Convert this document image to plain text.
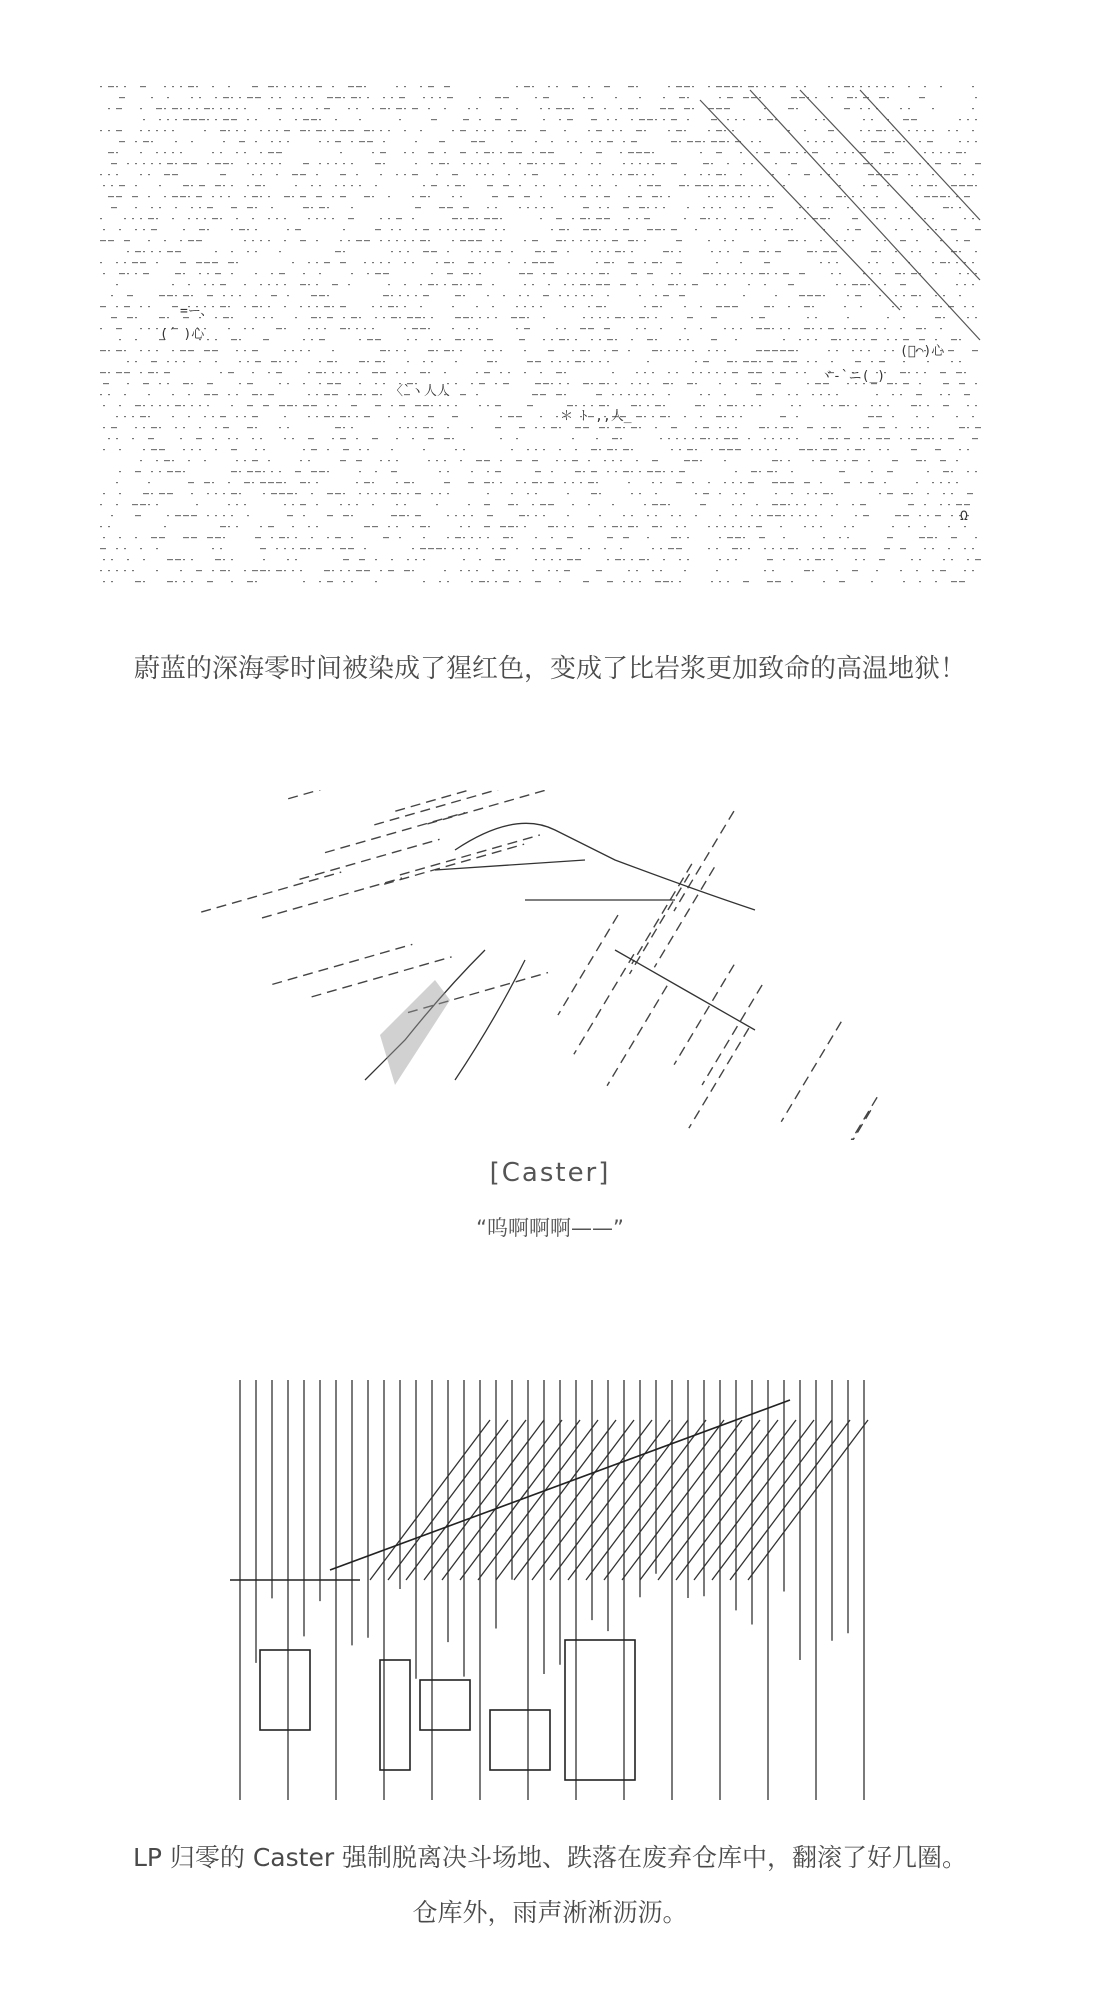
=ー、
(´ )心
(ﾟ⌒)心
ヾ-`ニ(_)
＊ ﾄ ,,人_
〈`ヽ人人
Ω
蔚蓝的深海零时间被染成了猩红色，变成了比岩浆更加致命的高温地狱！
[Caster]
“呜啊啊啊——”
LP 归零的 Caster 强制脱离决斗场地、跌落在废弃仓库中，翻滚了好几圈。
仓库外，雨声淅淅沥沥。
